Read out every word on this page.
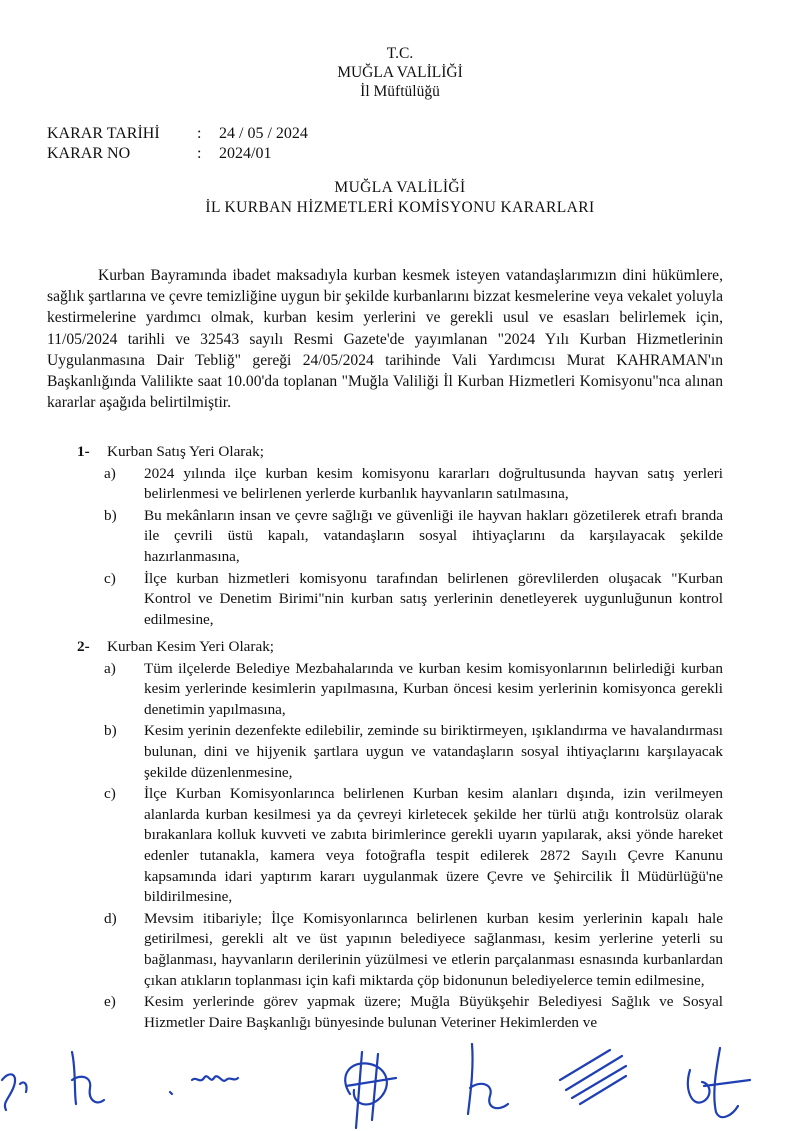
T.C.
MUĞLA VALİLİĞİ
İl Müftülüğü
KARAR TARİHİ	:	24 / 05 / 2024
KARAR NO	:	2024/01
MUĞLA VALİLİĞİ
İL KURBAN HİZMETLERİ KOMİSYONU KARARLARI
Kurban Bayramında ibadet maksadıyla kurban kesmek isteyen vatandaşlarımızın dini hükümlere, sağlık şartlarına ve çevre temizliğine uygun bir şekilde kurbanlarını bizzat kesmelerine veya vekalet yoluyla kestirmelerine yardımcı olmak, kurban kesim yerlerini ve gerekli usul ve esasları belirlemek için, 11/05/2024 tarihli ve 32543 sayılı Resmi Gazete'de yayımlanan "2024 Yılı Kurban Hizmetlerinin Uygulanmasına Dair Tebliğ" gereği 24/05/2024 tarihinde Vali Yardımcısı Murat KAHRAMAN'ın Başkanlığında Valilikte saat 10.00'da toplanan "Muğla Valiliği İl Kurban Hizmetleri Komisyonu"nca alınan kararlar aşağıda belirtilmiştir.
1-	Kurban Satış Yeri Olarak;
a)	2024 yılında ilçe kurban kesim komisyonu kararları doğrultusunda hayvan satış yerleri belirlenmesi ve belirlenen yerlerde kurbanlık hayvanların satılmasına,
b)	Bu mekânların insan ve çevre sağlığı ve güvenliği ile hayvan hakları gözetilerek etrafı branda ile çevrili üstü kapalı, vatandaşların sosyal ihtiyaçlarını da karşılayacak şekilde hazırlanmasına,
c)	İlçe kurban hizmetleri komisyonu tarafından belirlenen görevlilerden oluşacak "Kurban Kontrol ve Denetim Birimi"nin kurban satış yerlerinin denetleyerek uygunluğunun kontrol edilmesine,
2-	Kurban Kesim Yeri Olarak;
a)	Tüm ilçelerde Belediye Mezbahalarında ve kurban kesim komisyonlarının belirlediği kurban kesim yerlerinde kesimlerin yapılmasına, Kurban öncesi kesim yerlerinin komisyonca gerekli denetimin yapılmasına,
b)	Kesim yerinin dezenfekte edilebilir, zeminde su biriktirmeyen, ışıklandırma ve havalandırması bulunan, dini ve hijyenik şartlara uygun ve vatandaşların sosyal ihtiyaçlarını karşılayacak şekilde düzenlenmesine,
c)	İlçe Kurban Komisyonlarınca belirlenen Kurban kesim alanları dışında, izin verilmeyen alanlarda kurban kesilmesi ya da çevreyi kirletecek şekilde her türlü atığı kontrolsüz olarak bırakanlara kolluk kuvveti ve zabıta birimlerince gerekli uyarın yapılarak, aksi yönde hareket edenler tutanakla, kamera veya fotoğrafla tespit edilerek 2872 Sayılı Çevre Kanunu kapsamında idari yaptırım kararı uygulanmak üzere Çevre ve Şehircilik İl Müdürlüğü'ne bildirilmesine,
d)	Mevsim itibariyle; İlçe Komisyonlarınca belirlenen kurban kesim yerlerinin kapalı hale getirilmesi, gerekli alt ve üst yapının belediyece sağlanması, kesim yerlerine yeterli su bağlanması, hayvanların derilerinin yüzülmesi ve etlerin parçalanması esnasında kurbanlardan çıkan atıkların toplanması için kafi miktarda çöp bidonunun belediyelerce temin edilmesine,
e)	Kesim yerlerinde görev yapmak üzere; Muğla Büyükşehir Belediyesi Sağlık ve Sosyal Hizmetler Daire Başkanlığı bünyesinde bulunan Veteriner Hekimlerden ve
